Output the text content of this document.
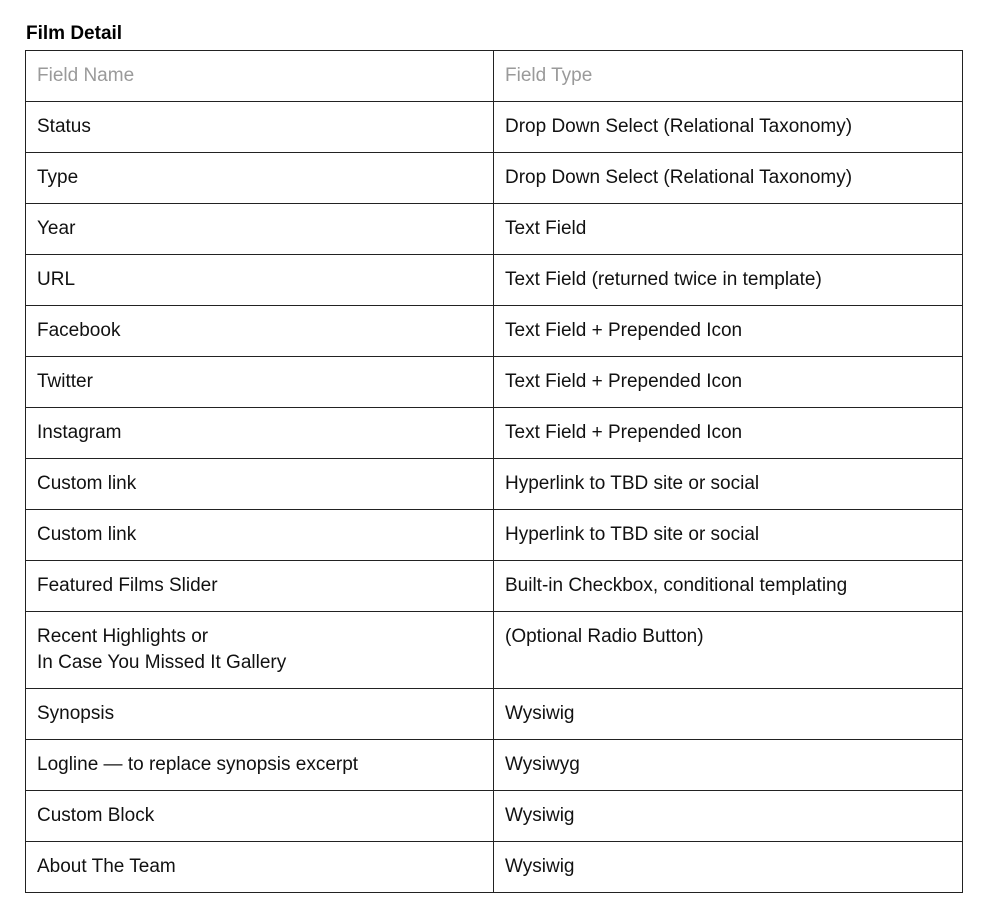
Film Detail
Field Name	Field Type
Status	Drop Down Select (Relational Taxonomy)
Type	Drop Down Select (Relational Taxonomy)
Year	Text Field
URL	Text Field (returned twice in template)
Facebook	Text Field + Prepended Icon
Twitter	Text Field + Prepended Icon
Instagram	Text Field + Prepended Icon
Custom link	Hyperlink to TBD site or social
Custom link	Hyperlink to TBD site or social
Featured Films Slider	Built-in Checkbox, conditional templating

Recent Highlights or
In Case You Missed It Gallery	(Optional Radio Button)
Synopsis	Wysiwig
Logline — to replace synopsis excerpt	Wysiwyg
Custom Block	Wysiwig
About The Team	Wysiwig
